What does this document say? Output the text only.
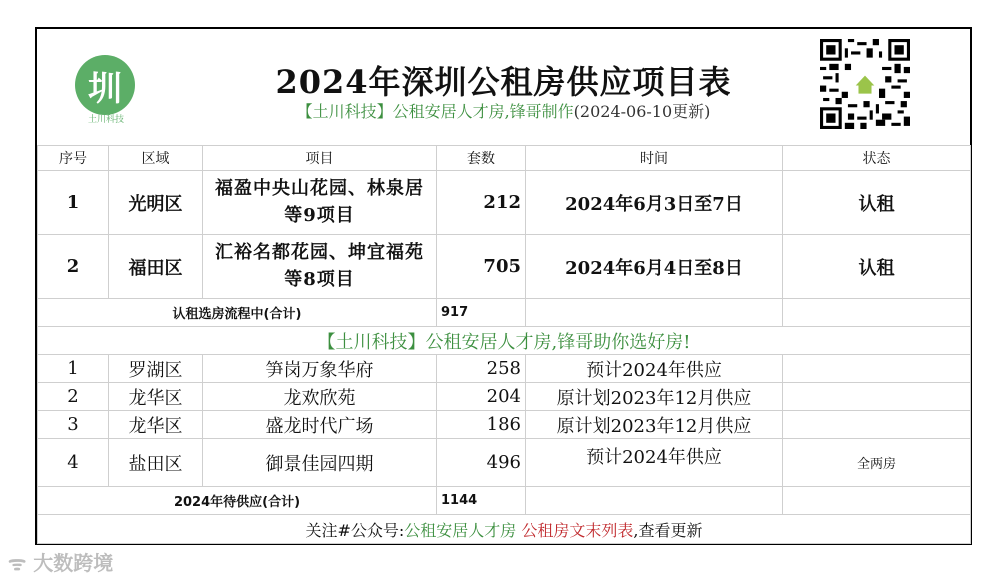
圳
土川科技
2024年深圳公租房供应项目表
【土川科技】公租安居人才房,锋哥制作(2024-06-10更新)
序号	区域	项目	套数	时间	状态
1	光明区	福盈中央山花园、林泉居等9项目	212	2024年6月3日至7日	认租
2	福田区	汇裕名都花园、坤宜福苑等8项目	705	2024年6月4日至8日	认租
认租选房流程中(合计)			917		
【土川科技】公租安居人才房,锋哥助你选好房!					
1	罗湖区	笋岗万象华府	258	预计2024年供应	
2	龙华区	龙欢欣苑	204	原计划2023年12月供应	
3	龙华区	盛龙时代广场	186	原计划2023年12月供应	
4	盐田区	御景佳园四期	496	预计2024年供应	全两房
2024年待供应(合计)			1144		
关注#公众号:公租安居人才房 公租房文末列表,查看更新					
ᯤ 大数跨境
